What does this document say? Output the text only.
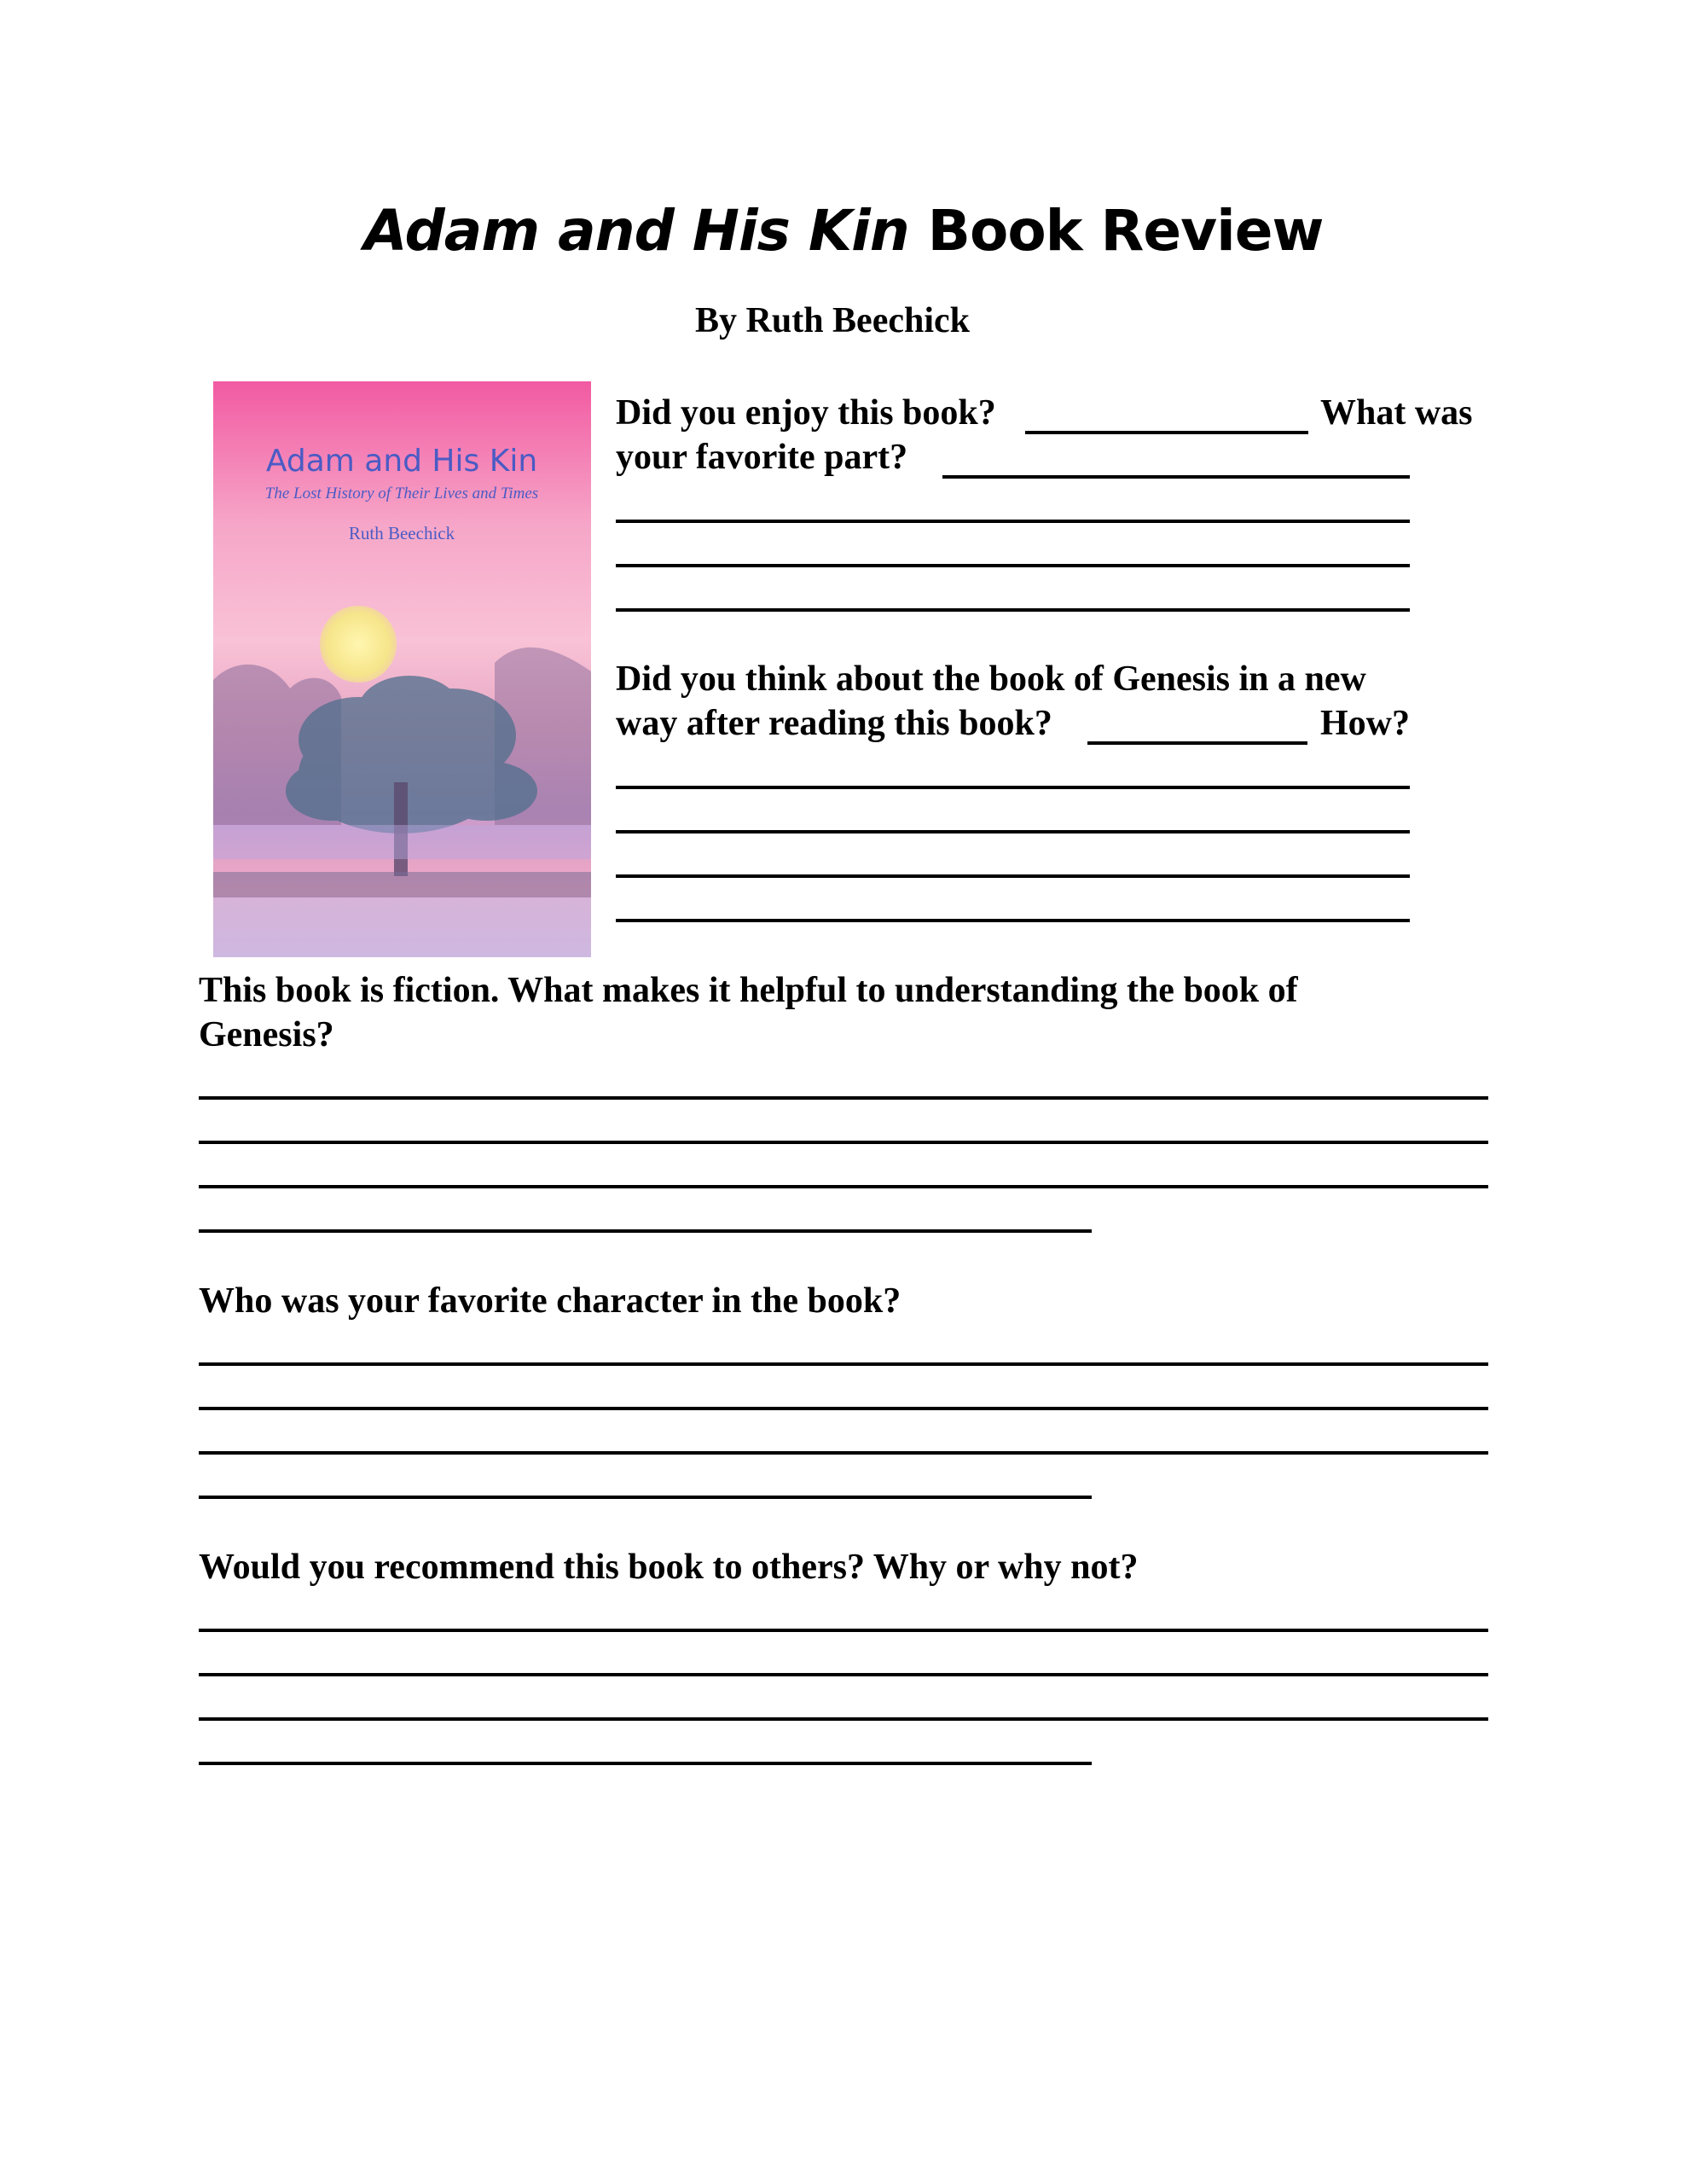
Adam and His Kin Book Review
By Ruth Beechick
Adam and His Kin
The Lost History of Their Lives and Times
Ruth Beechick
Did you enjoy this book?	What was
your favorite part?
Did you think about the book of Genesis in a new
way after reading this book?	How?
This book is fiction. What makes it helpful to understanding the book of
Genesis?
Who was your favorite character in the book?
Would you recommend this book to others? Why or why not?
